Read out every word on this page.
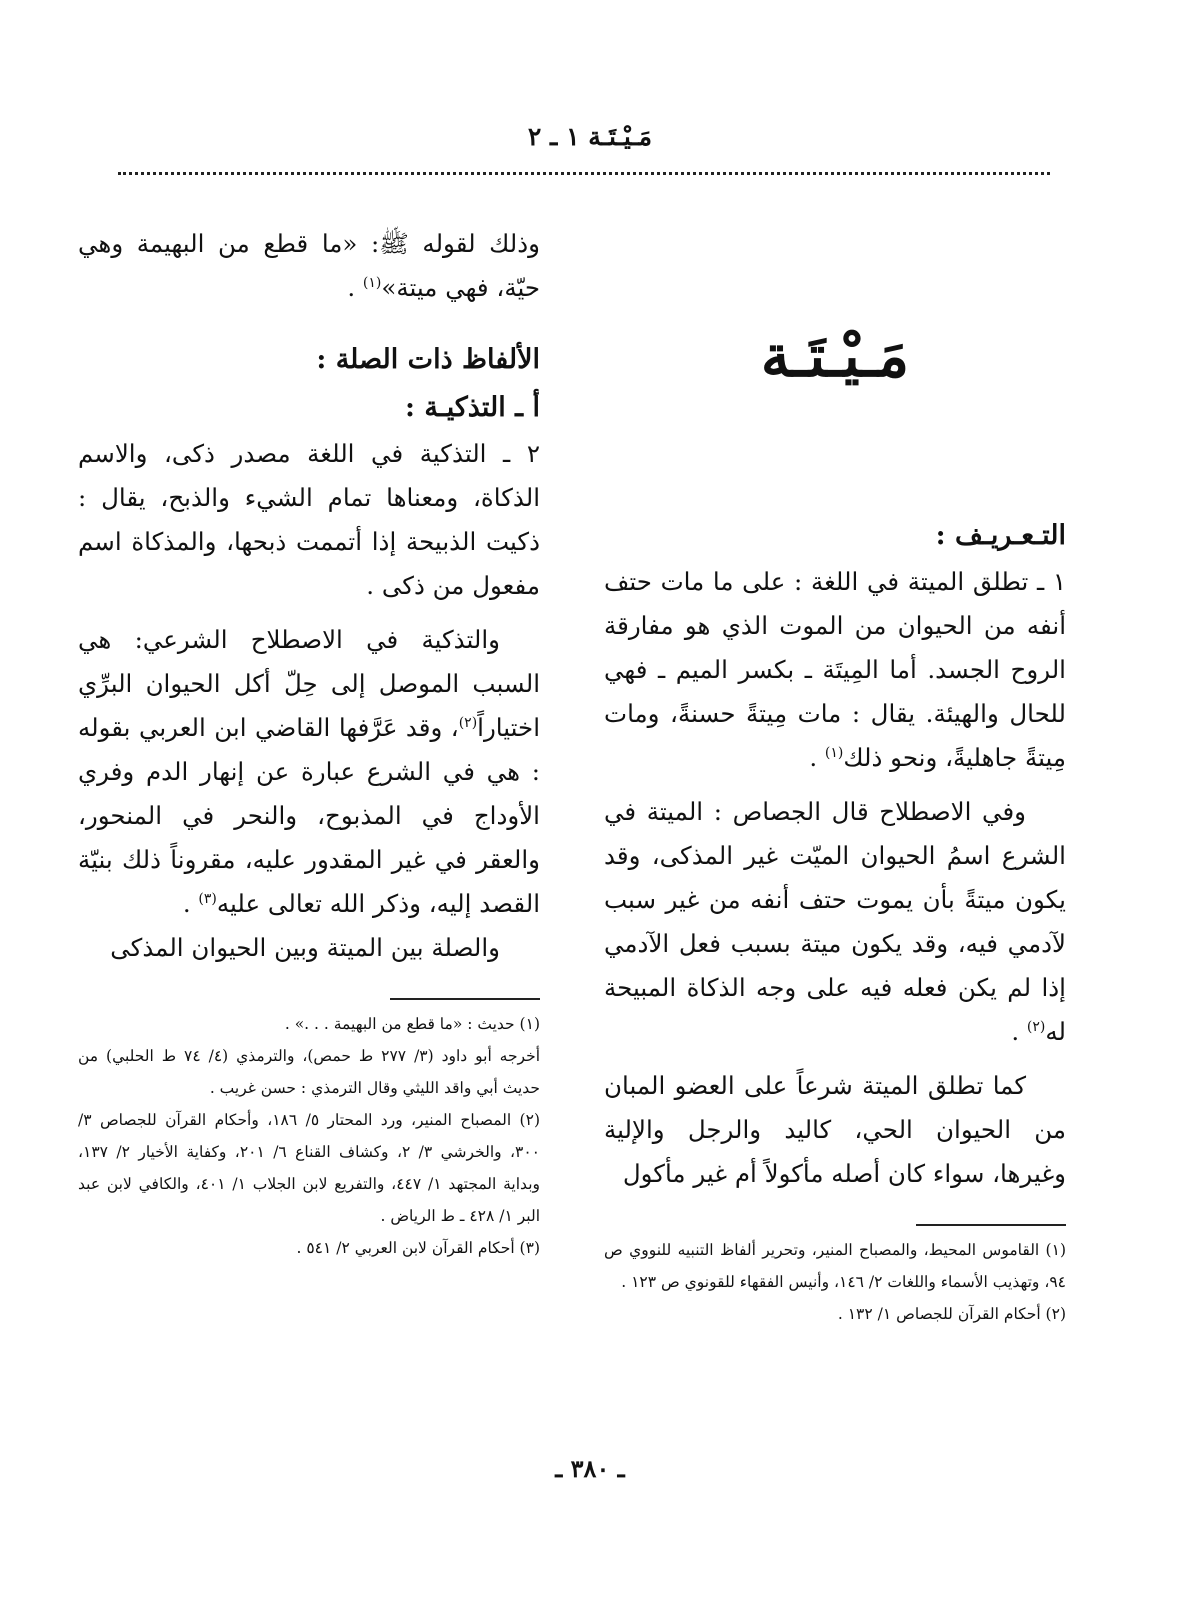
مَـيْـتَـة ١ ـ ٢
مَـيْـتَـة

التـعـريـف :

١ ـ تطلق الميتة في اللغة : على ما مات حتف أنفه من الحيوان من الموت الذي هو مفارقة الروح الجسد. أما المِيتَة ـ بكسر الميم ـ فهي للحال والهيئة. يقال : مات مِيتةً حسنةً، ومات مِيتةً جاهليةً، ونحو ذلك$^{(١)}$ .

وفي الاصطلاح قال الجصاص : الميتة في الشرع اسمُ الحيوان الميّت غير المذكى، وقد يكون ميتةً بأن يموت حتف أنفه من غير سبب لآدمي فيه، وقد يكون ميتة بسبب فعل الآدمي إذا لم يكن فعله فيه على وجه الذكاة المبيحة له$^{(٢)}$ .

كما تطلق الميتة شرعاً على العضو المبان من الحيوان الحي، كاليد والرجل والإلية وغيرها، سواء كان أصله مأكولاً أم غير مأكول

(١) القاموس المحيط، والمصباح المنير، وتحرير ألفاظ التنبيه للنووي ص ٩٤، وتهذيب الأسماء واللغات ٢/ ١٤٦، وأنيس الفقهاء للقونوي ص ١٢٣ .

(٢) أحكام القرآن للجصاص ١/ ١٣٢ .

وذلك لقوله ﷺ: «ما قطع من البهيمة وهي حيّة، فهي ميتة»$^{(١)}$ .

الألفاظ ذات الصلة :

أ ـ التذكيـة :

٢ ـ التذكية في اللغة مصدر ذكى، والاسم الذكاة، ومعناها تمام الشيء والذبح، يقال : ذكيت الذبيحة إذا أتممت ذبحها، والمذكاة اسم مفعول من ذكى .

والتذكية في الاصطلاح الشرعي: هي السبب الموصل إلى حِلّ أكل الحيوان البرِّي اختياراً$^{(٢)}$، وقد عَرَّفها القاضي ابن العربي بقوله : هي في الشرع عبارة عن إنهار الدم وفري الأوداج في المذبوح، والنحر في المنحور، والعقر في غير المقدور عليه، مقروناً ذلك بنيّة القصد إليه، وذكر الله تعالى عليه$^{(٣)}$ .

والصلة بين الميتة وبين الحيوان المذكى

(١) حديث : «ما قطع من البهيمة . . .» .

أخرجه أبو داود (٣/ ٢٧٧ ط حمص)، والترمذي (٤/ ٧٤ ط الحلبي) من حديث أبي واقد الليثي وقال الترمذي : حسن غريب .

(٢) المصباح المنير، ورد المحتار ٥/ ١٨٦، وأحكام القرآن للجصاص ٣/ ٣٠٠، والخرشي ٣/ ٢، وكشاف القناع ٦/ ٢٠١، وكفاية الأخيار ٢/ ١٣٧، وبداية المجتهد ١/ ٤٤٧، والتفريع لابن الجلاب ١/ ٤٠١، والكافي لابن عبد البر ١/ ٤٢٨ ـ ط الرياض .

(٣) أحكام القرآن لابن العربي ٢/ ٥٤١ .

ـ ٣٨٠ ـ
